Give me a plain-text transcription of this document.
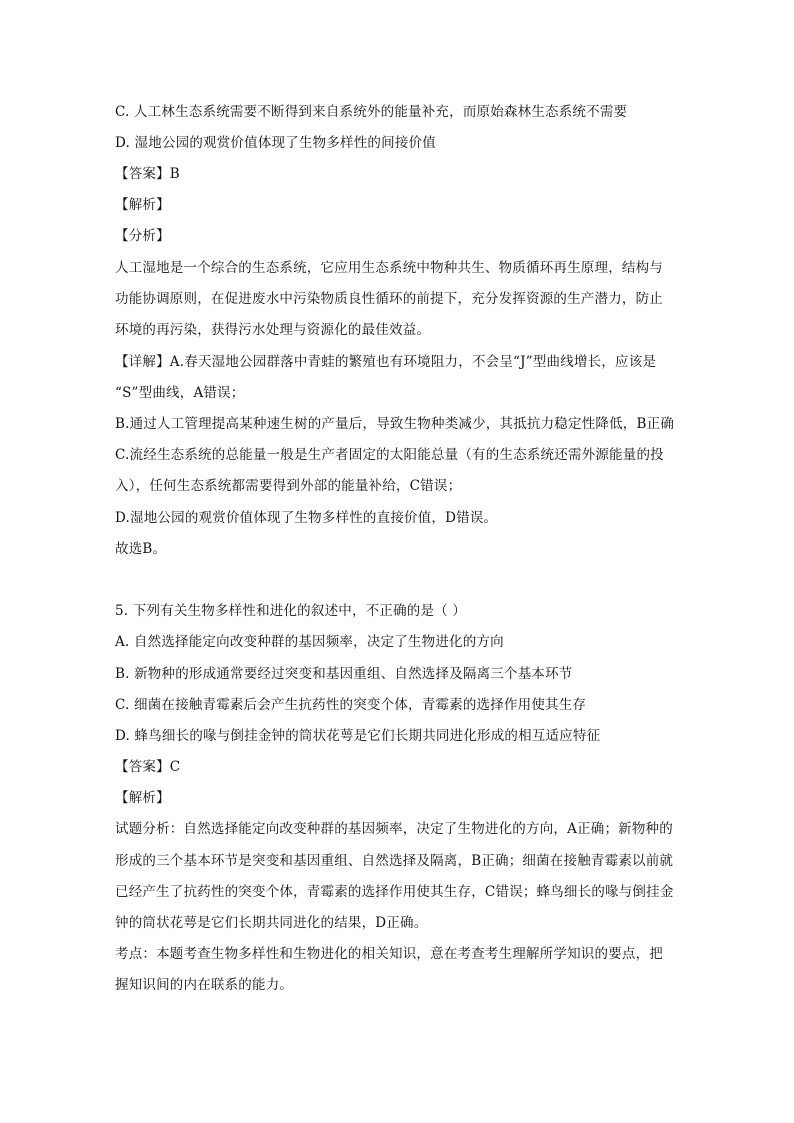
C. 人工林生态系统需要不断得到来自系统外的能量补充，而原始森林生态系统不需要
D. 湿地公园的观赏价值体现了生物多样性的间接价值
【答案】B
【解析】
【分析】
人工湿地是一个综合的生态系统，它应用生态系统中物种共生、物质循环再生原理，结构与
功能协调原则，在促进废水中污染物质良性循环的前提下，充分发挥资源的生产潜力，防止
环境的再污染，获得污水处理与资源化的最佳效益。
【详解】A.春天湿地公园群落中青蛙的繁殖也有环境阻力，不会呈“J”型曲线增长，应该是
“S”型曲线，A错误；
B.通过人工管理提高某种速生树的产量后，导致生物种类减少，其抵抗力稳定性降低，B正确
C.流经生态系统的总能量一般是生产者固定的太阳能总量（有的生态系统还需外源能量的投
入），任何生态系统都需要得到外部的能量补给，C错误；
D.湿地公园的观赏价值体现了生物多样性的直接价值，D错误。
故选B。
5. 下列有关生物多样性和进化的叙述中，不正确的是（ ）
A. 自然选择能定向改变种群的基因频率，决定了生物进化的方向
B. 新物种的形成通常要经过突变和基因重组、自然选择及隔离三个基本环节
C. 细菌在接触青霉素后会产生抗药性的突变个体，青霉素的选择作用使其生存
D. 蜂鸟细长的喙与倒挂金钟的筒状花萼是它们长期共同进化形成的相互适应特征
【答案】C
【解析】
试题分析：自然选择能定向改变种群的基因频率，决定了生物进化的方向，A正确；新物种的
形成的三个基本环节是突变和基因重组、自然选择及隔离，B正确；细菌在接触青霉素以前就
已经产生了抗药性的突变个体，青霉素的选择作用使其生存，C错误；蜂鸟细长的喙与倒挂金
钟的筒状花萼是它们长期共同进化的结果，D正确。
考点：本题考查生物多样性和生物进化的相关知识，意在考查考生理解所学知识的要点，把
握知识间的内在联系的能力。
